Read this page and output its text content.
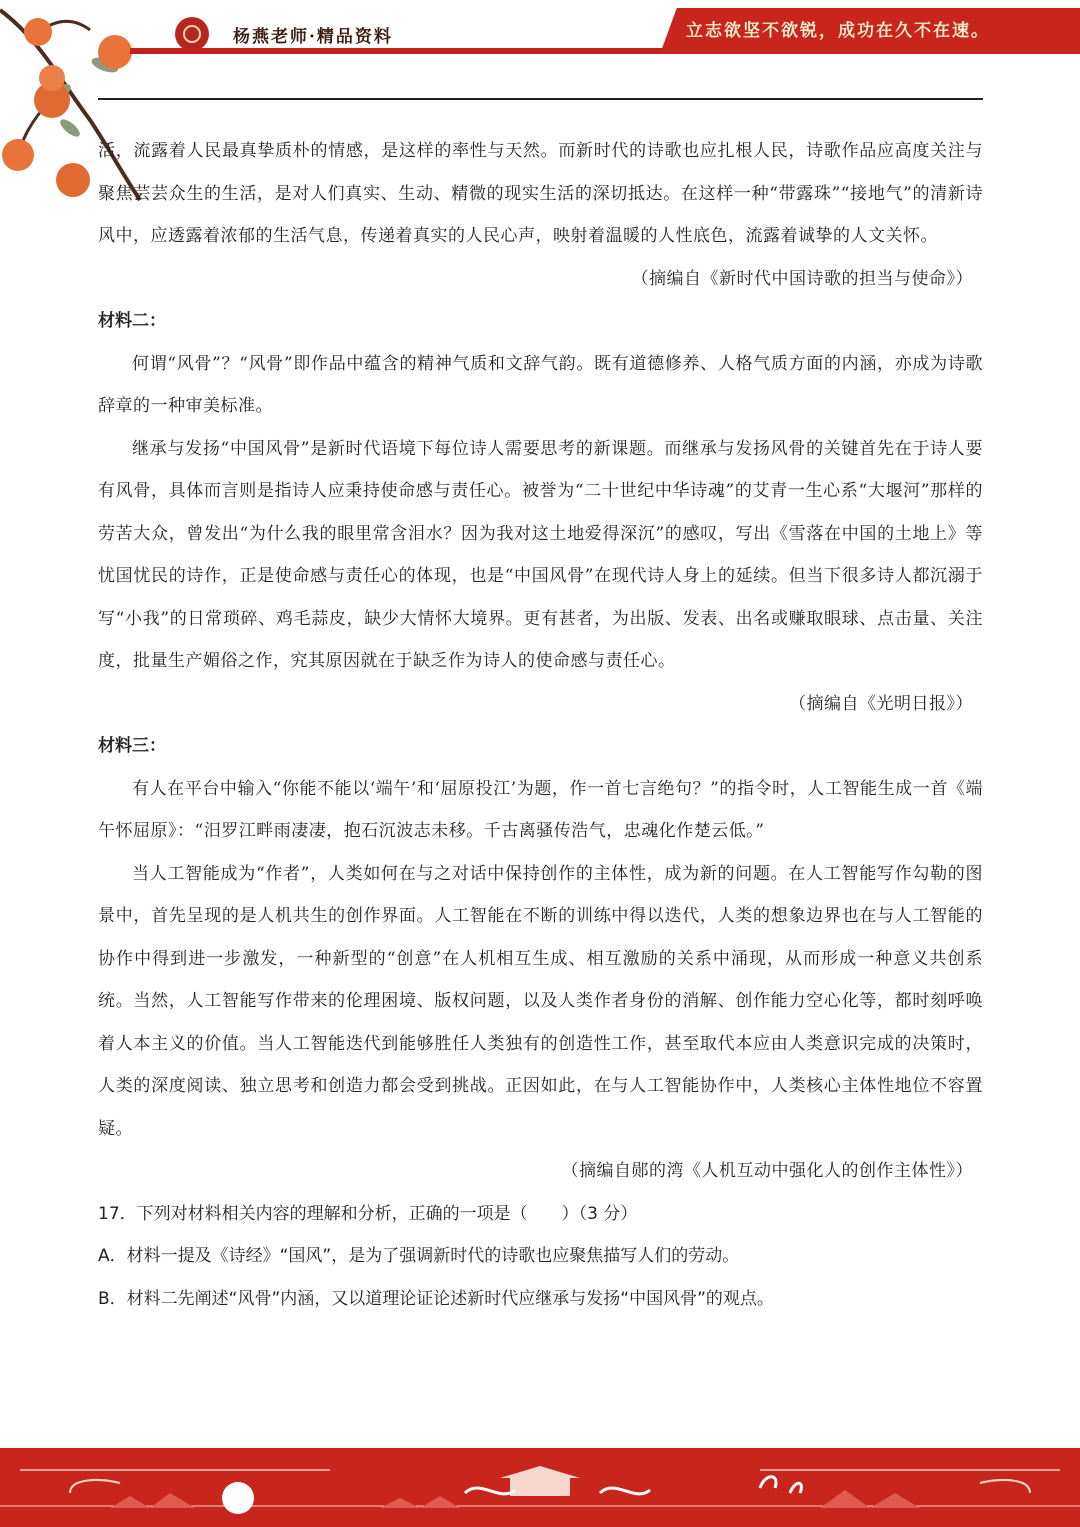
杨燕老师·精品资料	立志欲坚不欲锐，成功在久不在速。

活，流露着人民最真挚质朴的情感，是这样的率性与天然。而新时代的诗歌也应扎根人民，诗歌作品应高度关注与聚焦芸芸众生的生活，是对人们真实、生动、精微的现实生活的深切抵达。在这样一种“带露珠”“接地气”的清新诗风中，应透露着浓郁的生活气息，传递着真实的人民心声，映射着温暖的人性底色，流露着诚挚的人文关怀。

（摘编自《新时代中国诗歌的担当与使命》）

材料二：

何谓“风骨”？“风骨”即作品中蕴含的精神气质和文辞气韵。既有道德修养、人格气质方面的内涵，亦成为诗歌辞章的一种审美标准。

继承与发扬“中国风骨”是新时代语境下每位诗人需要思考的新课题。而继承与发扬风骨的关键首先在于诗人要有风骨，具体而言则是指诗人应秉持使命感与责任心。被誉为“二十世纪中华诗魂”的艾青一生心系“大堰河”那样的劳苦大众，曾发出“为什么我的眼里常含泪水？因为我对这土地爱得深沉”的感叹，写出《雪落在中国的土地上》等忧国忧民的诗作，正是使命感与责任心的体现，也是“中国风骨”在现代诗人身上的延续。但当下很多诗人都沉溺于写“小我”的日常琐碎、鸡毛蒜皮，缺少大情怀大境界。更有甚者，为出版、发表、出名或赚取眼球、点击量、关注度，批量生产媚俗之作，究其原因就在于缺乏作为诗人的使命感与责任心。

（摘编自《光明日报》）

材料三：

有人在平台中输入“你能不能以‘端午’和‘屈原投江’为题，作一首七言绝句？”的指令时，人工智能生成一首《端午怀屈原》：“汨罗江畔雨凄凄，抱石沉波志未移。千古离骚传浩气，忠魂化作楚云低。”

当人工智能成为“作者”，人类如何在与之对话中保持创作的主体性，成为新的问题。在人工智能写作勾勒的图景中，首先呈现的是人机共生的创作界面。人工智能在不断的训练中得以迭代，人类的想象边界也在与人工智能的协作中得到进一步激发，一种新型的“创意”在人机相互生成、相互激励的关系中涌现，从而形成一种意义共创系统。当然，人工智能写作带来的伦理困境、版权问题，以及人类作者身份的消解、创作能力空心化等，都时刻呼唤着人本主义的价值。当人工智能迭代到能够胜任人类独有的创造性工作，甚至取代本应由人类意识完成的决策时，人类的深度阅读、独立思考和创造力都会受到挑战。正因如此，在与人工智能协作中，人类核心主体性地位不容置疑。

（摘编自郧的湾《人机互动中强化人的创作主体性》）

17．下列对材料相关内容的理解和分析，正确的一项是（　　）（3 分）

A．材料一提及《诗经》“国风”，是为了强调新时代的诗歌也应聚焦描写人们的劳动。

B．材料二先阐述“风骨”内涵，又以道理论证论述新时代应继承与发扬“中国风骨”的观点。
